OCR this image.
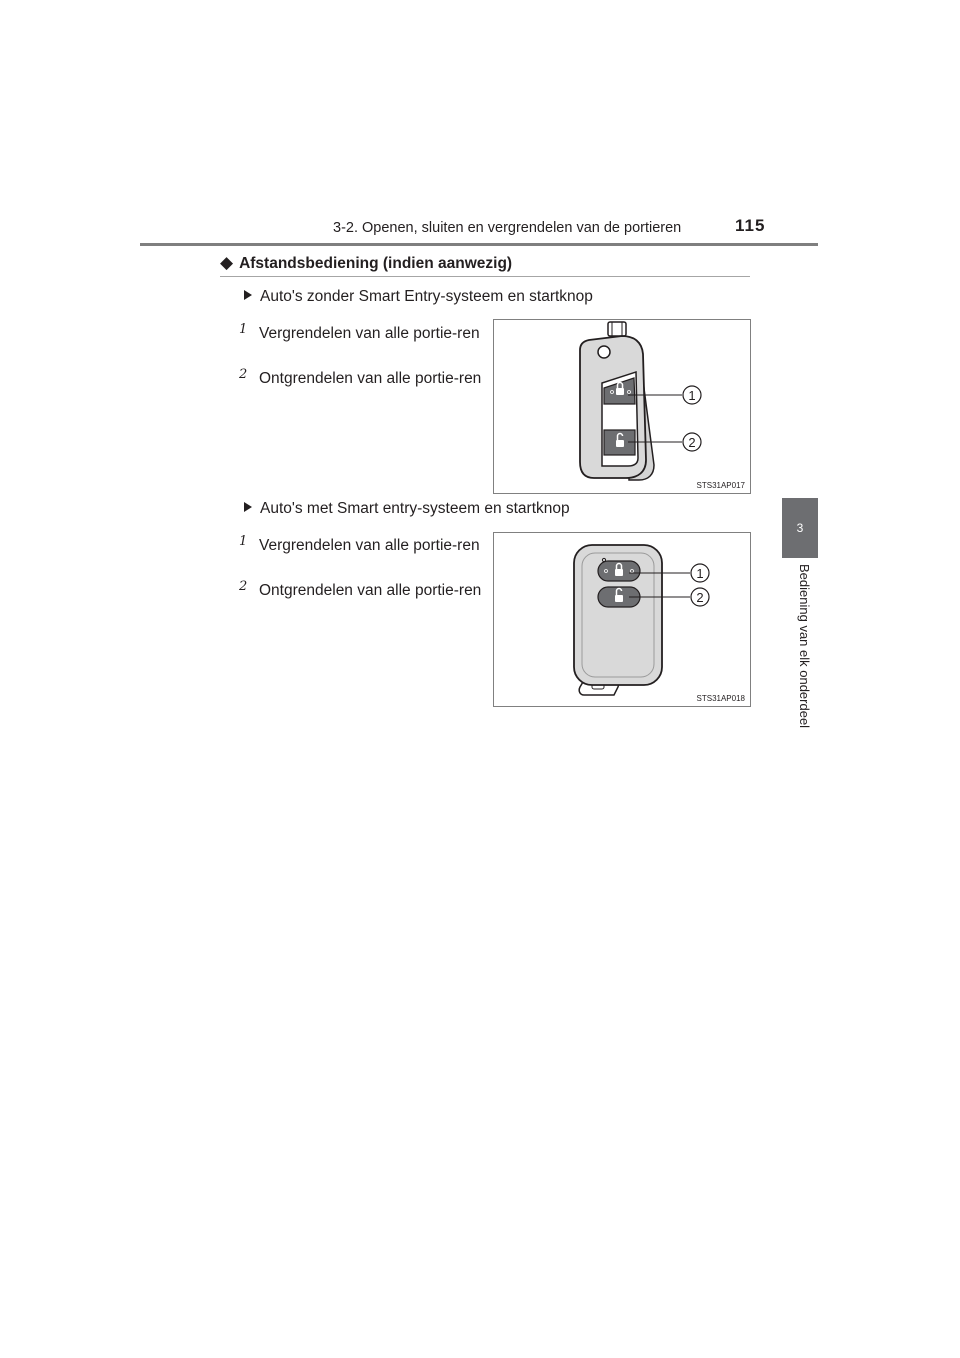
3-2. Openen, sluiten en vergrendelen van de portieren	115
3
Bediening van elk onderdeel
◆ Afstandsbediening (indien aanwezig)
Auto's zonder Smart Entry-systeem en startknop
1 Vergrendelen van alle portie-ren
2 Ontgrendelen van alle portie-ren
1
2
STS31AP017
Auto's met Smart entry-systeem en startknop
1 Vergrendelen van alle portie-ren
2 Ontgrendelen van alle portie-ren
1
2
STS31AP018
